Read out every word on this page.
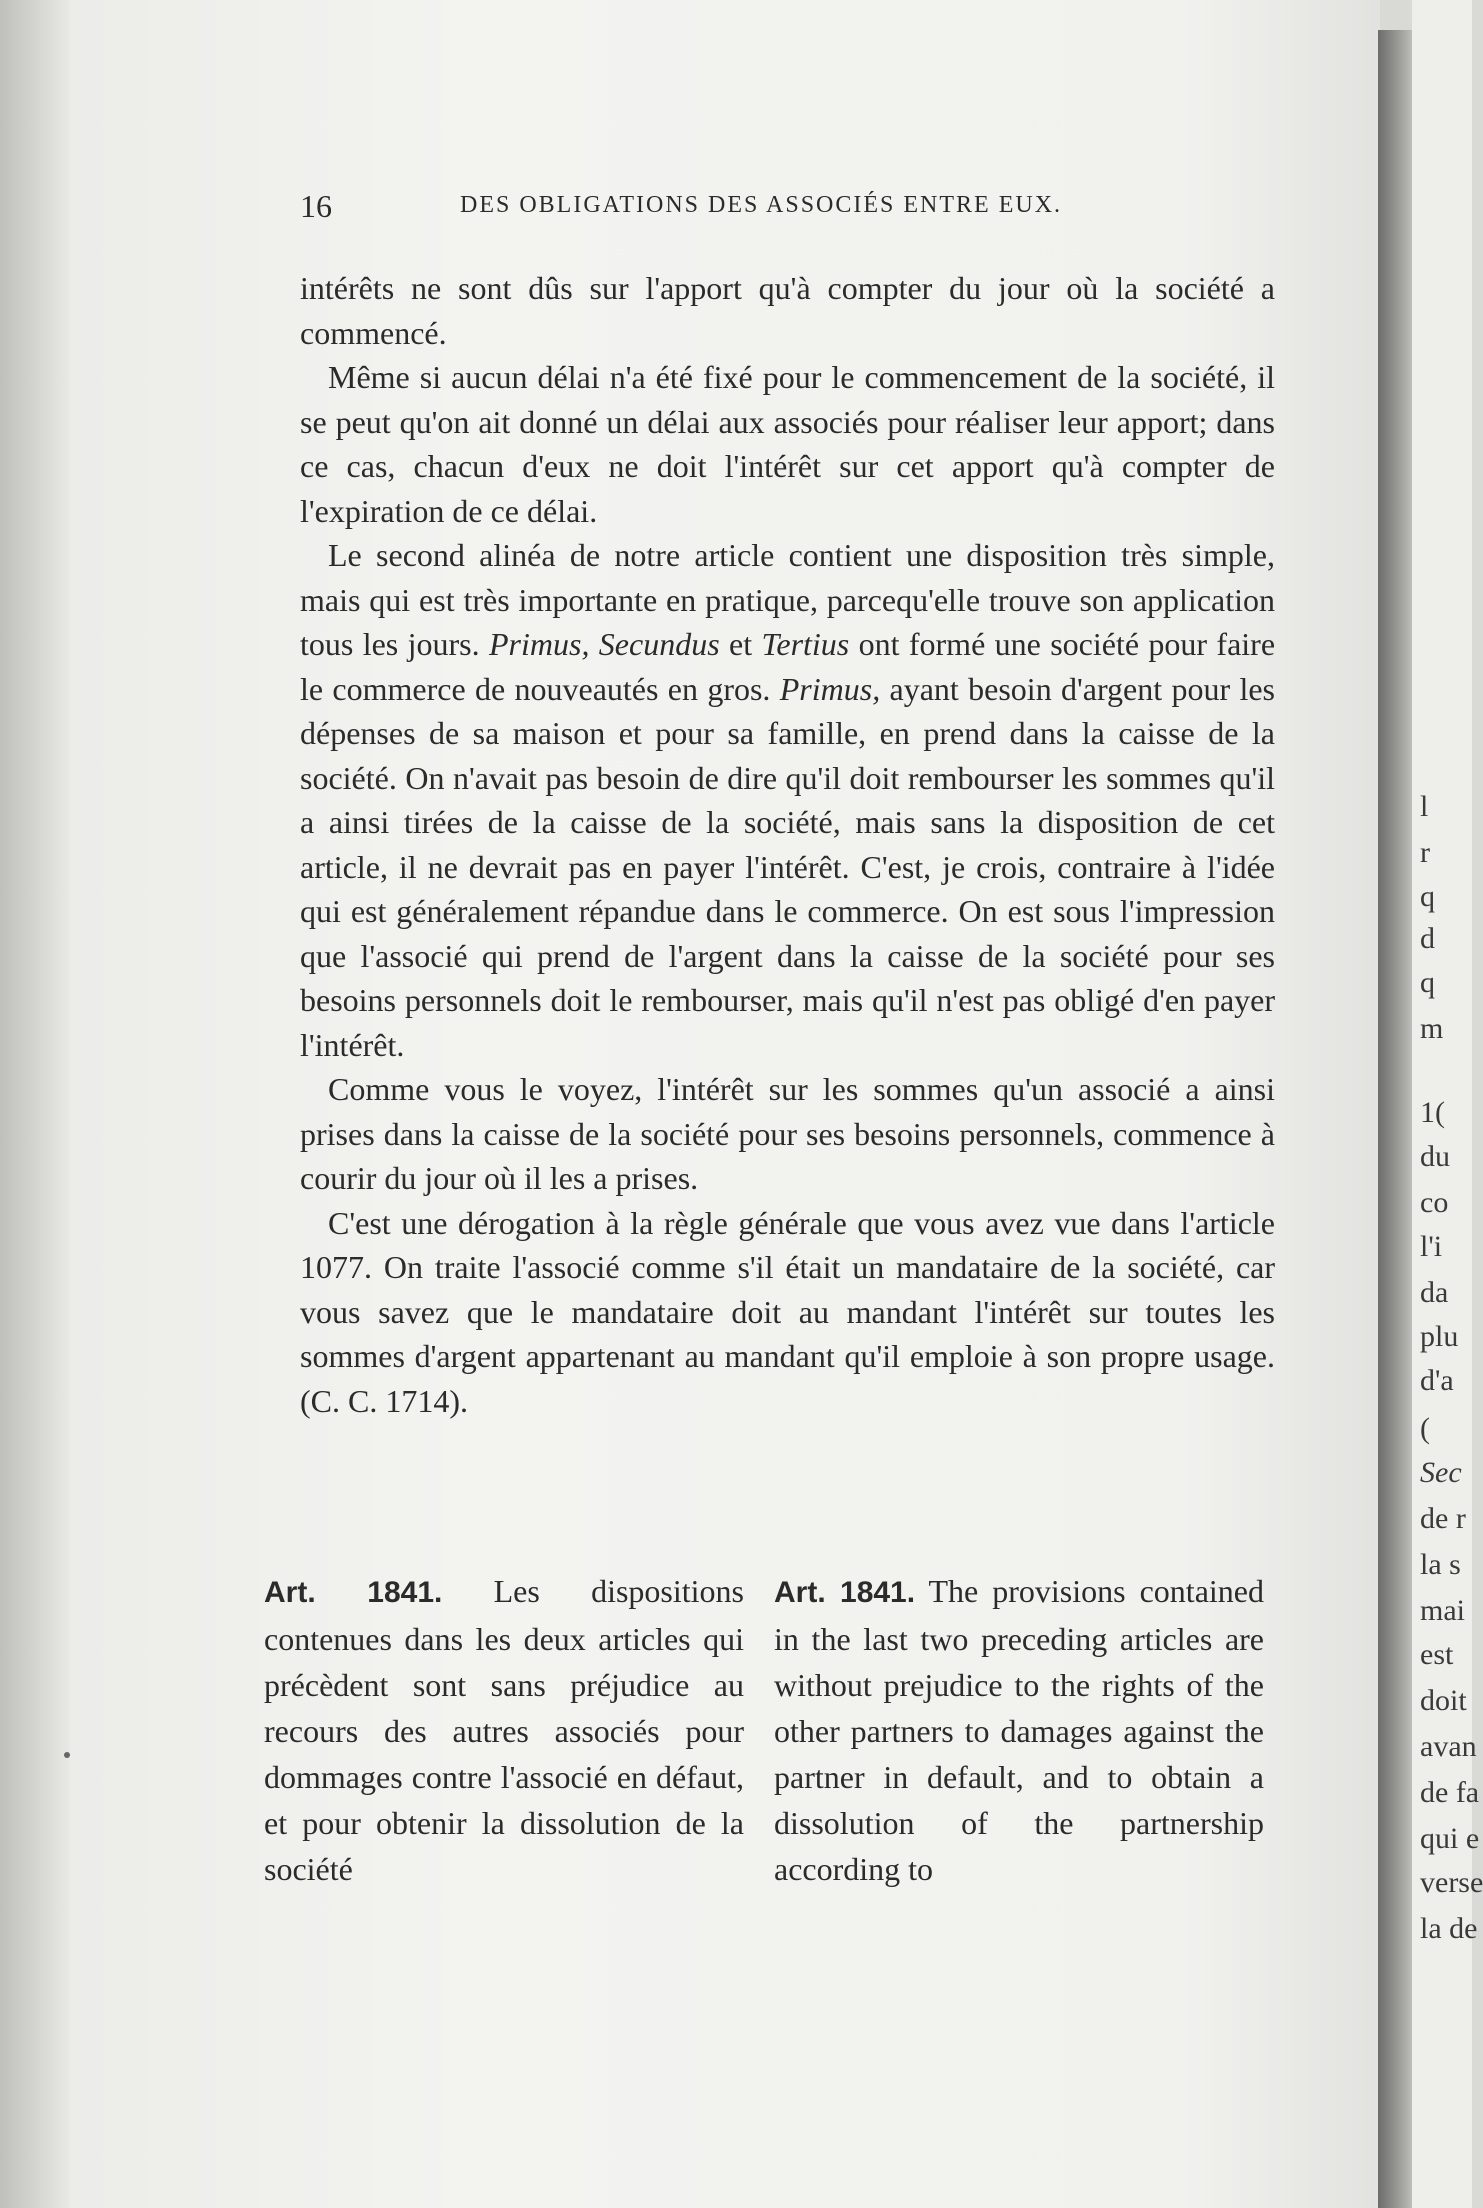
l
r
q
d
q
m
1(
du
co
l'i
da
plu
d'a
(
Sec
de r
la s
mai
est
doit
avan
de fa
qui e
verse
la de
16	DES OBLIGATIONS DES ASSOCIÉS ENTRE EUX.

intérêts ne sont dûs sur l'apport qu'à compter du jour où la société a commencé.

Même si aucun délai n'a été fixé pour le commencement de la société, il se peut qu'on ait donné un délai aux associés pour réaliser leur apport; dans ce cas, chacun d'eux ne doit l'intérêt sur cet apport qu'à compter de l'expiration de ce délai.

Le second alinéa de notre article contient une disposition très simple, mais qui est très importante en pratique, parcequ'elle trouve son application tous les jours. Primus, Secundus et Tertius ont formé une société pour faire le commerce de nouveautés en gros. Primus, ayant besoin d'argent pour les dépenses de sa maison et pour sa famille, en prend dans la caisse de la société. On n'avait pas besoin de dire qu'il doit rembourser les sommes qu'il a ainsi tirées de la caisse de la société, mais sans la disposition de cet article, il ne devrait pas en payer l'intérêt. C'est, je crois, contraire à l'idée qui est généralement répandue dans le commerce. On est sous l'impression que l'associé qui prend de l'argent dans la caisse de la société pour ses besoins personnels doit le rembourser, mais qu'il n'est pas obligé d'en payer l'intérêt.

Comme vous le voyez, l'intérêt sur les sommes qu'un associé a ainsi prises dans la caisse de la société pour ses besoins personnels, commence à courir du jour où il les a prises.

C'est une dérogation à la règle générale que vous avez vue dans l'article 1077. On traite l'associé comme s'il était un mandataire de la société, car vous savez que le mandataire doit au mandant l'intérêt sur toutes les sommes d'argent appartenant au mandant qu'il emploie à son propre usage. (C. C. 1714).

Art. 1841. Les dispositions contenues dans les deux articles qui précèdent sont sans préjudice au recours des autres associés pour dommages contre l'associé en défaut, et pour obtenir la dissolution de la société
Art. 1841. The provisions contained in the last two preceding articles are without prejudice to the rights of the other partners to damages against the partner in default, and to obtain a dissolution of the partnership according to
